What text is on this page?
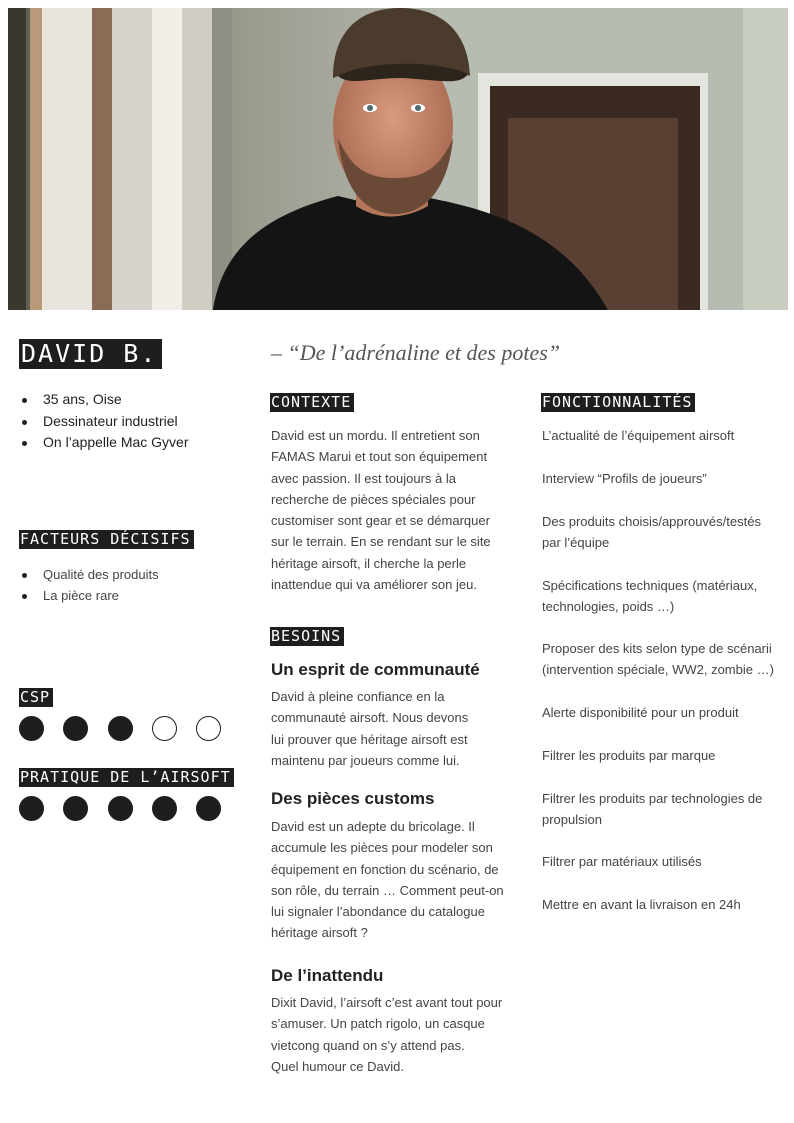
DAVID B.	– “De l’adrénaline et des potes”
35 ans, Oise
Dessinateur industriel
On l’appelle Mac Gyver
FACTEURS DÉCISIFS
Qualité des produits
La pièce rare
CSP
PRATIQUE DE L’AIRSOFT
CONTEXTE
David est un mordu. Il entretient son
FAMAS Marui et tout son équipement
avec passion. Il est toujours à la
recherche de pièces spéciales pour
customiser sont gear et se démarquer
sur le terrain. En se rendant sur le site
héritage airsoft, il cherche la perle
inattendue qui va améliorer son jeu.
BESOINS
Un esprit de communauté
David à pleine confiance en la
communauté airsoft. Nous devons
lui prouver que héritage airsoft est
maintenu par joueurs comme lui.
Des pièces customs
David est un adepte du bricolage. Il
accumule les pièces pour modeler son
équipement en fonction du scénario, de
son rôle, du terrain … Comment peut-on
lui signaler l’abondance du catalogue
héritage airsoft ?
De l’inattendu
Dixit David, l’airsoft c’est avant tout pour
s’amuser. Un patch rigolo, un casque
vietcong quand on s’y attend pas.
Quel humour ce David.
FONCTIONNALITÉS
L’actualité de l’équipement airsoft
Interview “Profils de joueurs”
Des produits choisis/approuvés/testés
par l’équipe
Spécifications techniques (matériaux,
technologies, poids …)
Proposer des kits selon type de scénarii
(intervention spéciale, WW2, zombie …)
Alerte disponibilité pour un produit
Filtrer les produits par marque
Filtrer les produits par technologies de
propulsion
Filtrer par matériaux utilisés
Mettre en avant la livraison en 24h
